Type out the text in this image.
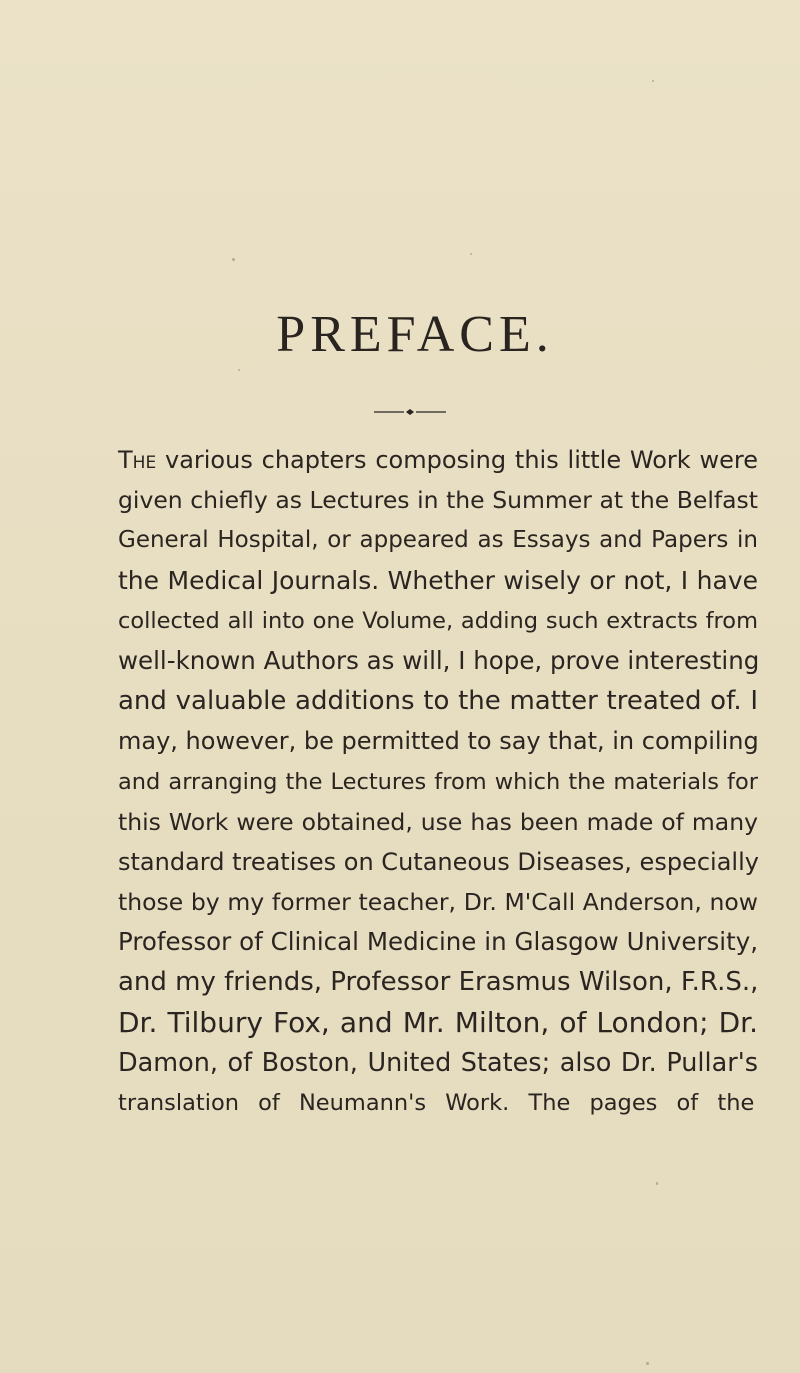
PREFACE.
The various chapters composing this little Work were
given chiefly as Lectures in the Summer at the Belfast
General Hospital, or appeared as Essays and Papers in
the Medical Journals. Whether wisely or not, I have
collected all into one Volume, adding such extracts from
well-known Authors as will, I hope, prove interesting
and valuable additions to the matter treated of. I
may, however, be permitted to say that, in compiling
and arranging the Lectures from which the materials for
this Work were obtained, use has been made of many
standard treatises on Cutaneous Diseases, especially
those by my former teacher, Dr. M'Call Anderson, now
Professor of Clinical Medicine in Glasgow University,
and my friends, Professor Erasmus Wilson, F.R.S.,
Dr. Tilbury Fox, and Mr. Milton, of London; Dr.
Damon, of Boston, United States; also Dr. Pullar's
translation of Neumann's Work. The pages of the
